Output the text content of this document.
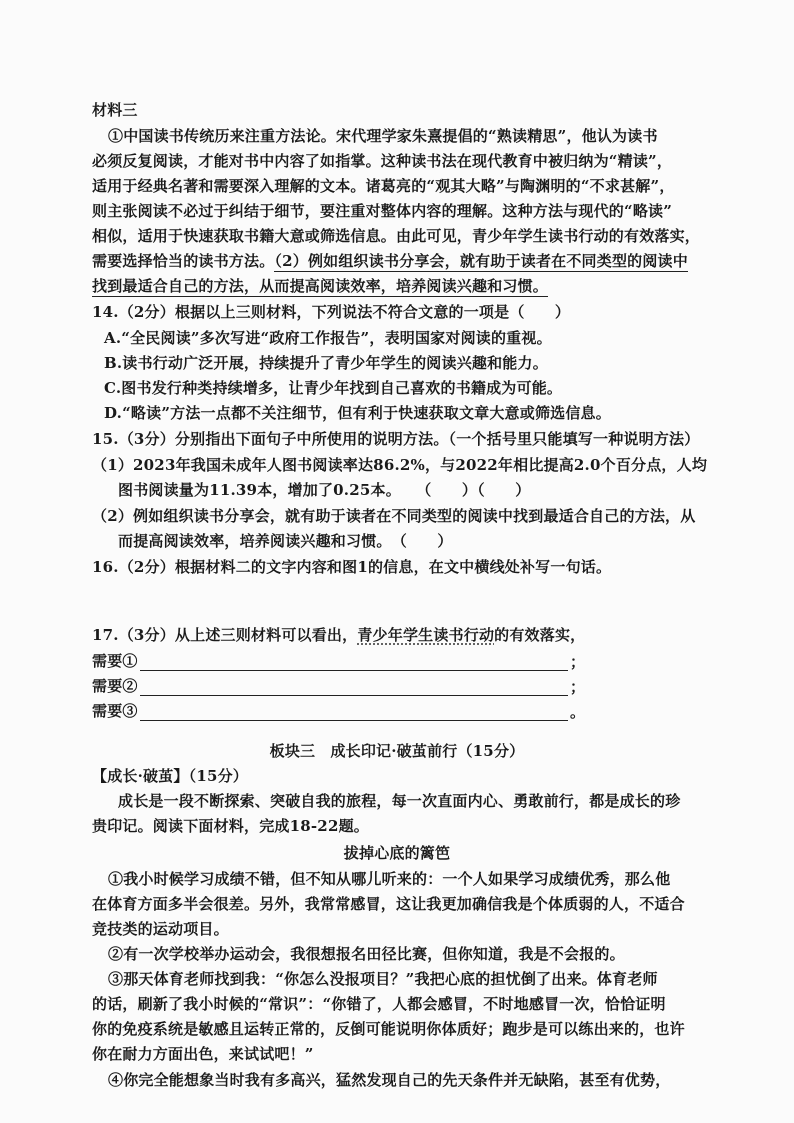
材料三
①中国读书传统历来注重方法论。宋代理学家朱熹提倡的“熟读精思”，他认为读书
必须反复阅读，才能对书中内容了如指掌。这种读书法在现代教育中被归纳为“精读”，
适用于经典名著和需要深入理解的文本。诸葛亮的“观其大略”与陶渊明的“不求甚解”，
则主张阅读不必过于纠结于细节，要注重对整体内容的理解。这种方法与现代的“略读”
相似，适用于快速获取书籍大意或筛选信息。由此可见，青少年学生读书行动的有效落实，
需要选择恰当的读书方法。（2）例如组织读书分享会，就有助于读者在不同类型的阅读中
找到最适合自己的方法，从而提高阅读效率，培养阅读兴趣和习惯。
14.（2分）根据以上三则材料，下列说法不符合文意的一项是（　　）
A.“全民阅读”多次写进“政府工作报告”，表明国家对阅读的重视。
B.读书行动广泛开展，持续提升了青少年学生的阅读兴趣和能力。
C.图书发行种类持续增多，让青少年找到自己喜欢的书籍成为可能。
D.“略读”方法一点都不关注细节，但有利于快速获取文章大意或筛选信息。
15.（3分）分别指出下面句子中所使用的说明方法。（一个括号里只能填写一种说明方法）
（1）2023年我国未成年人图书阅读率达86.2%，与2022年相比提高2.0个百分点，人均
图书阅读量为11.39本，增加了0.25本。　　（　　）（　　）
（2）例如组织读书分享会，就有助于读者在不同类型的阅读中找到最适合自己的方法，从
而提高阅读效率，培养阅读兴趣和习惯。　（　　）
16.（2分）根据材料二的文字内容和图1的信息，在文中横线处补写一句话。
17.（3分）从上述三则材料可以看出，青少年学生读书行动的有效落实，
需要①	；
需要②	；
需要③	。
板块三　成长印记·破茧前行（15分）
【成长·破茧】（15分）
成长是一段不断探索、突破自我的旅程，每一次直面内心、勇敢前行，都是成长的珍
贵印记。阅读下面材料，完成18-22题。
拔掉心底的篱笆
①我小时候学习成绩不错，但不知从哪儿听来的：一个人如果学习成绩优秀，那么他
在体育方面多半会很差。另外，我常常感冒，这让我更加确信我是个体质弱的人，不适合
竞技类的运动项目。
②有一次学校举办运动会，我很想报名田径比赛，但你知道，我是不会报的。
③那天体育老师找到我：“你怎么没报项目？”我把心底的担忧倒了出来。体育老师
的话，刷新了我小时候的“常识”：“你错了，人都会感冒，不时地感冒一次，恰恰证明
你的免疫系统是敏感且运转正常的，反倒可能说明你体质好；跑步是可以练出来的，也许
你在耐力方面出色，来试试吧！”
④你完全能想象当时我有多高兴，猛然发现自己的先天条件并无缺陷，甚至有优势，
